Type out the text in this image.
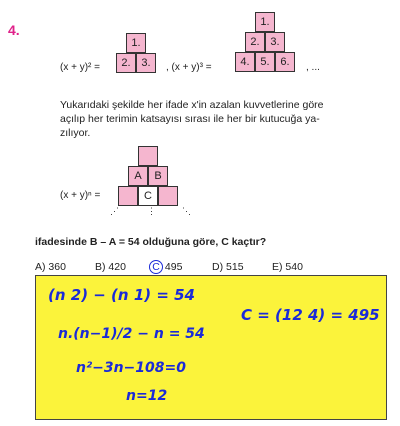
4.
(x + y)² =
1.
2. 3.	, (x + y)³ =
1.
2. 3.
4. 5. 6.	, ...
Yukarıdaki şekilde her ifade x'in azalan kuvvetlerine göre
açılıp her terimin katsayısı sırası ile her bir kutucuğa ya-
zılıyor.
(x + y)ⁿ =
A	B
C
⋰	⋮	⋱
ifadesinde B – A = 54 olduğuna göre, C kaçtır?
A) 360	B) 420	C 495	D) 515	E) 540
(n 2) − (n 1) = 54
n.(n−1)/2 − n = 54
n²−3n−108=0
n=12
C = (12 4) = 495
